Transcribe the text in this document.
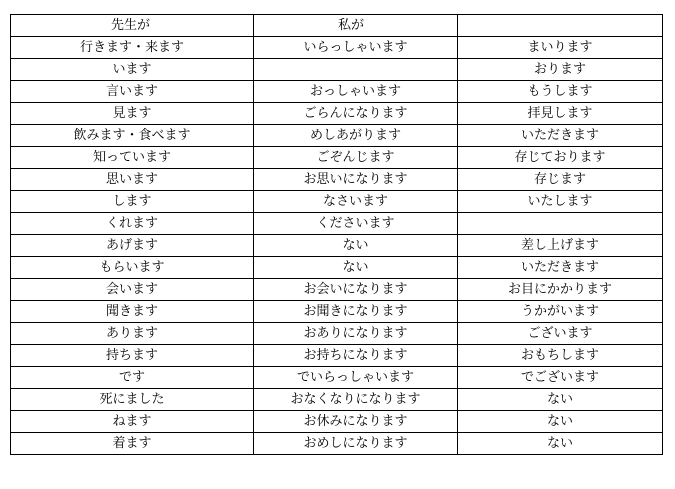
先生が	私が	
行きます・来ます	いらっしゃいます	まいります
います		おります
言います	おっしゃいます	もうします
見ます	ごらんになります	拝見します
飲みます・食べます	めしあがります	いただきます
知っています	ごぞんじます	存じております
思います	お思いになります	存じます
します	なさいます	いたします
くれます	くださいます	
あげます	ない	差し上げます
もらいます	ない	いただきます
会います	お会いになります	お目にかかります
聞きます	お聞きになります	うかがいます
あります	おありになります	ございます
持ちます	お持ちになります	おもちします
です	でいらっしゃいます	でございます
死にました	おなくなりになります	ない
ねます	お休みになります	ない
着ます	おめしになります	ない
